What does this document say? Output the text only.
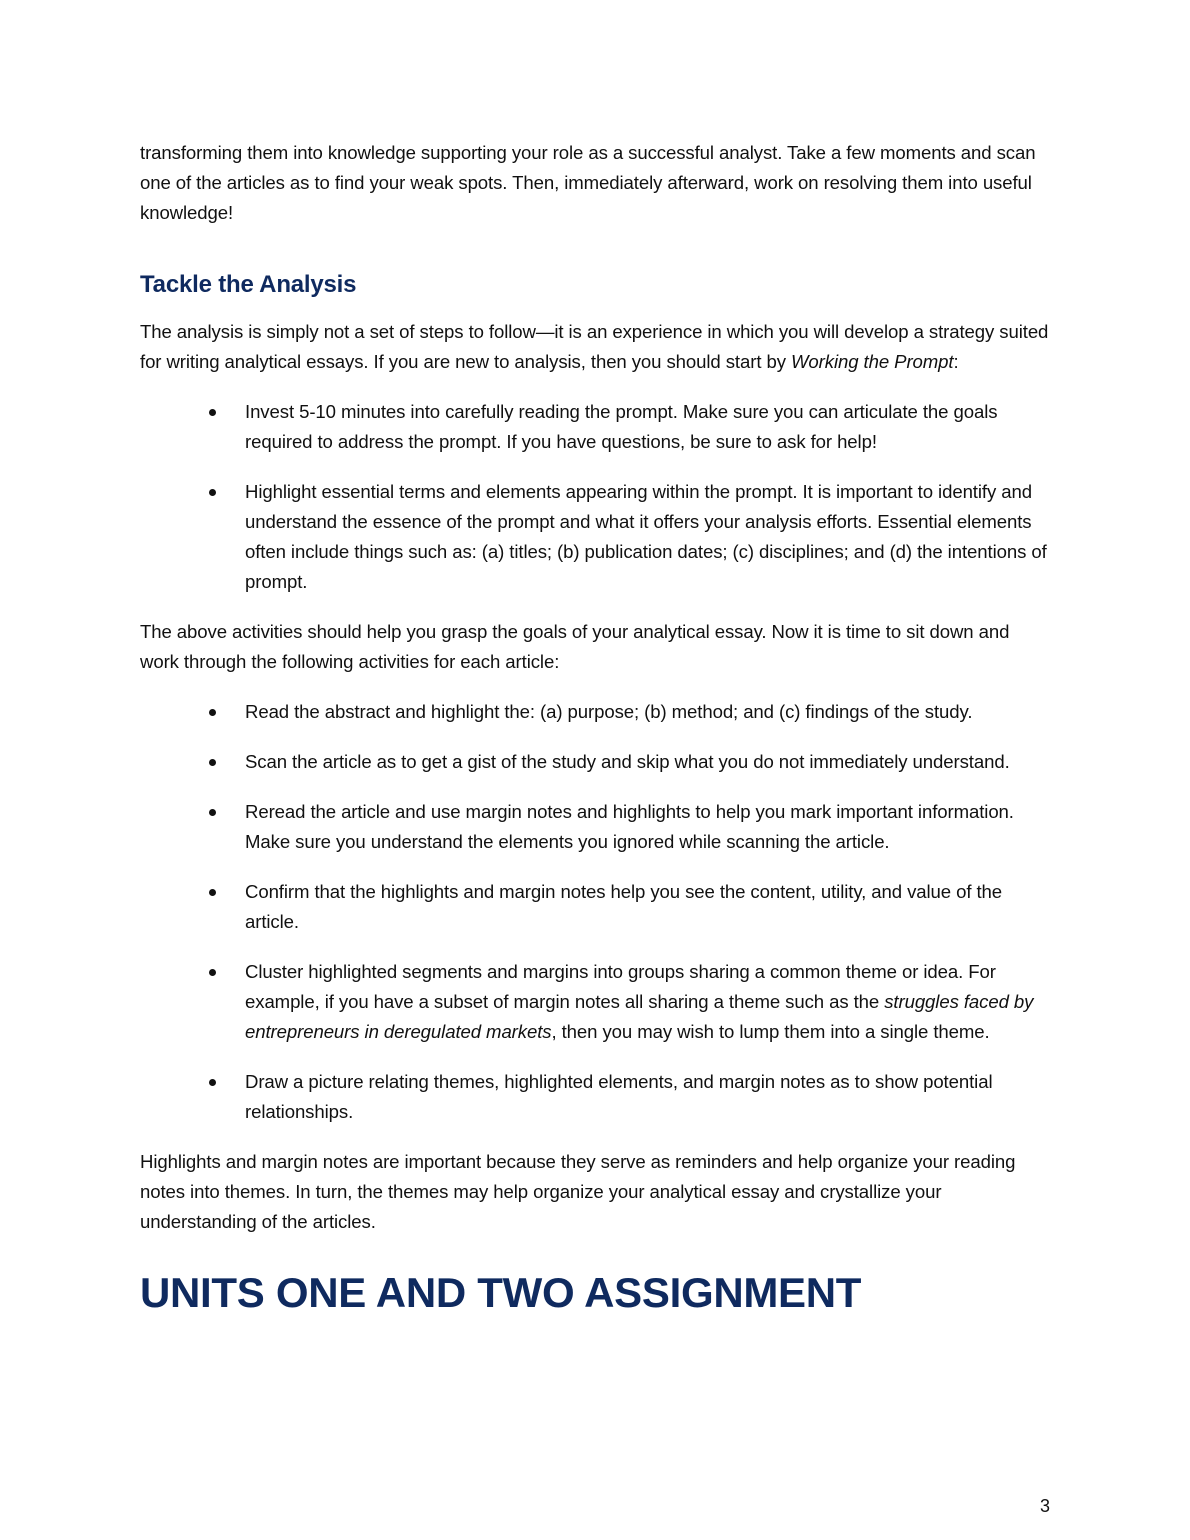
transforming them into knowledge supporting your role as a successful analyst. Take a few moments and scan one of the articles as to find your weak spots. Then, immediately afterward, work on resolving them into useful knowledge!

Tackle the Analysis

The analysis is simply not a set of steps to follow—it is an experience in which you will develop a strategy suited for writing analytical essays. If you are new to analysis, then you should start by Working the Prompt:

Invest 5-10 minutes into carefully reading the prompt. Make sure you can articulate the goals required to address the prompt. If you have questions, be sure to ask for help!
Highlight essential terms and elements appearing within the prompt. It is important to identify and understand the essence of the prompt and what it offers your analysis efforts. Essential elements often include things such as: (a) titles; (b) publication dates; (c) disciplines; and (d) the intentions of prompt.

The above activities should help you grasp the goals of your analytical essay. Now it is time to sit down and work through the following activities for each article:

Read the abstract and highlight the: (a) purpose; (b) method; and (c) findings of the study.
Scan the article as to get a gist of the study and skip what you do not immediately understand.
Reread the article and use margin notes and highlights to help you mark important information. Make sure you understand the elements you ignored while scanning the article.
Confirm that the highlights and margin notes help you see the content, utility, and value of the article.
Cluster highlighted segments and margins into groups sharing a common theme or idea. For example, if you have a subset of margin notes all sharing a theme such as the struggles faced by entrepreneurs in deregulated markets, then you may wish to lump them into a single theme.
Draw a picture relating themes, highlighted elements, and margin notes as to show potential relationships.

Highlights and margin notes are important because they serve as reminders and help organize your reading notes into themes. In turn, the themes may help organize your analytical essay and crystallize your understanding of the articles.

UNITS ONE AND TWO ASSIGNMENT
3
